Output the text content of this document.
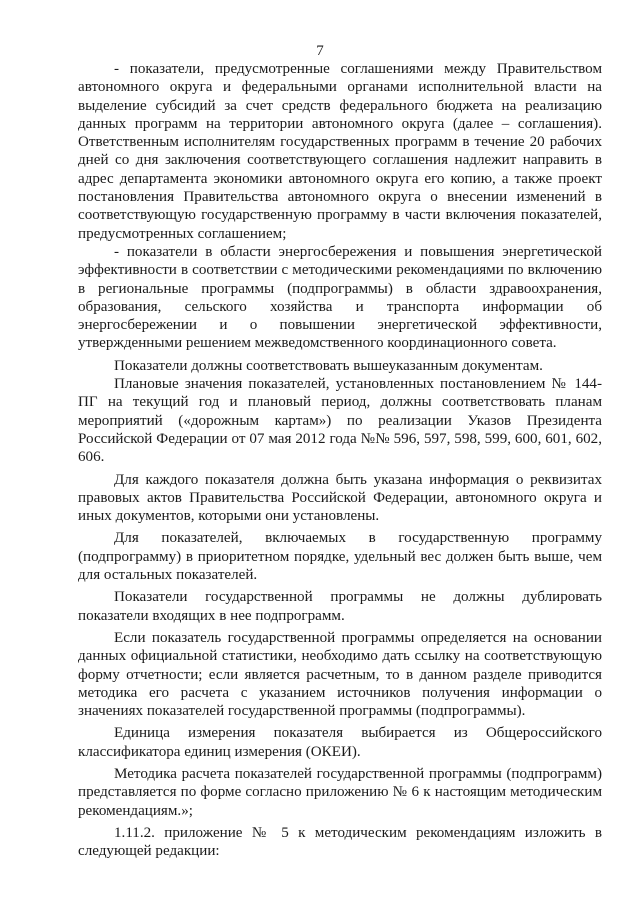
7

- показатели, предусмотренные соглашениями между Правительством автономного округа и федеральными органами исполнительной власти на выделение субсидий за счет средств федерального бюджета на реализацию данных программ на территории автономного округа (далее – соглашения). Ответственным исполнителям государственных программ в течение 20 рабочих дней со дня заключения соответствующего соглашения надлежит направить в адрес департамента экономики автономного округа его копию, а также проект постановления Правительства автономного округа о внесении изменений в соответствующую государственную программу в части включения показателей, предусмотренных соглашением;

- показатели в области энергосбережения и повышения энергетической эффективности в соответствии с методическими рекомендациями по включению в региональные программы (подпрограммы) в области здравоохранения, образования, сельского хозяйства и транспорта информации об энергосбережении и о повышении энергетической эффективности, утвержденными решением межведомственного координационного совета.

Показатели должны соответствовать вышеуказанным документам.

Плановые значения показателей, установленных постановлением № 144-ПГ на текущий год и плановый период, должны соответствовать планам мероприятий («дорожным картам») по реализации Указов Президента Российской Федерации от 07 мая 2012 года №№ 596, 597, 598, 599, 600, 601, 602, 606.

Для каждого показателя должна быть указана информация о реквизитах правовых актов Правительства Российской Федерации, автономного округа и иных документов, которыми они установлены.

Для показателей, включаемых в государственную программу (подпрограмму) в приоритетном порядке, удельный вес должен быть выше, чем для остальных показателей.

Показатели государственной программы не должны дублировать показатели входящих в нее подпрограмм.

Если показатель государственной программы определяется на основании данных официальной статистики, необходимо дать ссылку на соответствующую форму отчетности; если является расчетным, то в данном разделе приводится методика его расчета с указанием источников получения информации о значениях показателей государственной программы (подпрограммы).

Единица измерения показателя выбирается из Общероссийского классификатора единиц измерения (ОКЕИ).

Методика расчета показателей государственной программы (подпрограмм) представляется по форме согласно приложению № 6 к настоящим методическим рекомендациям.»;

1.11.2. приложение № 5 к методическим рекомендациям изложить в следующей редакции:
